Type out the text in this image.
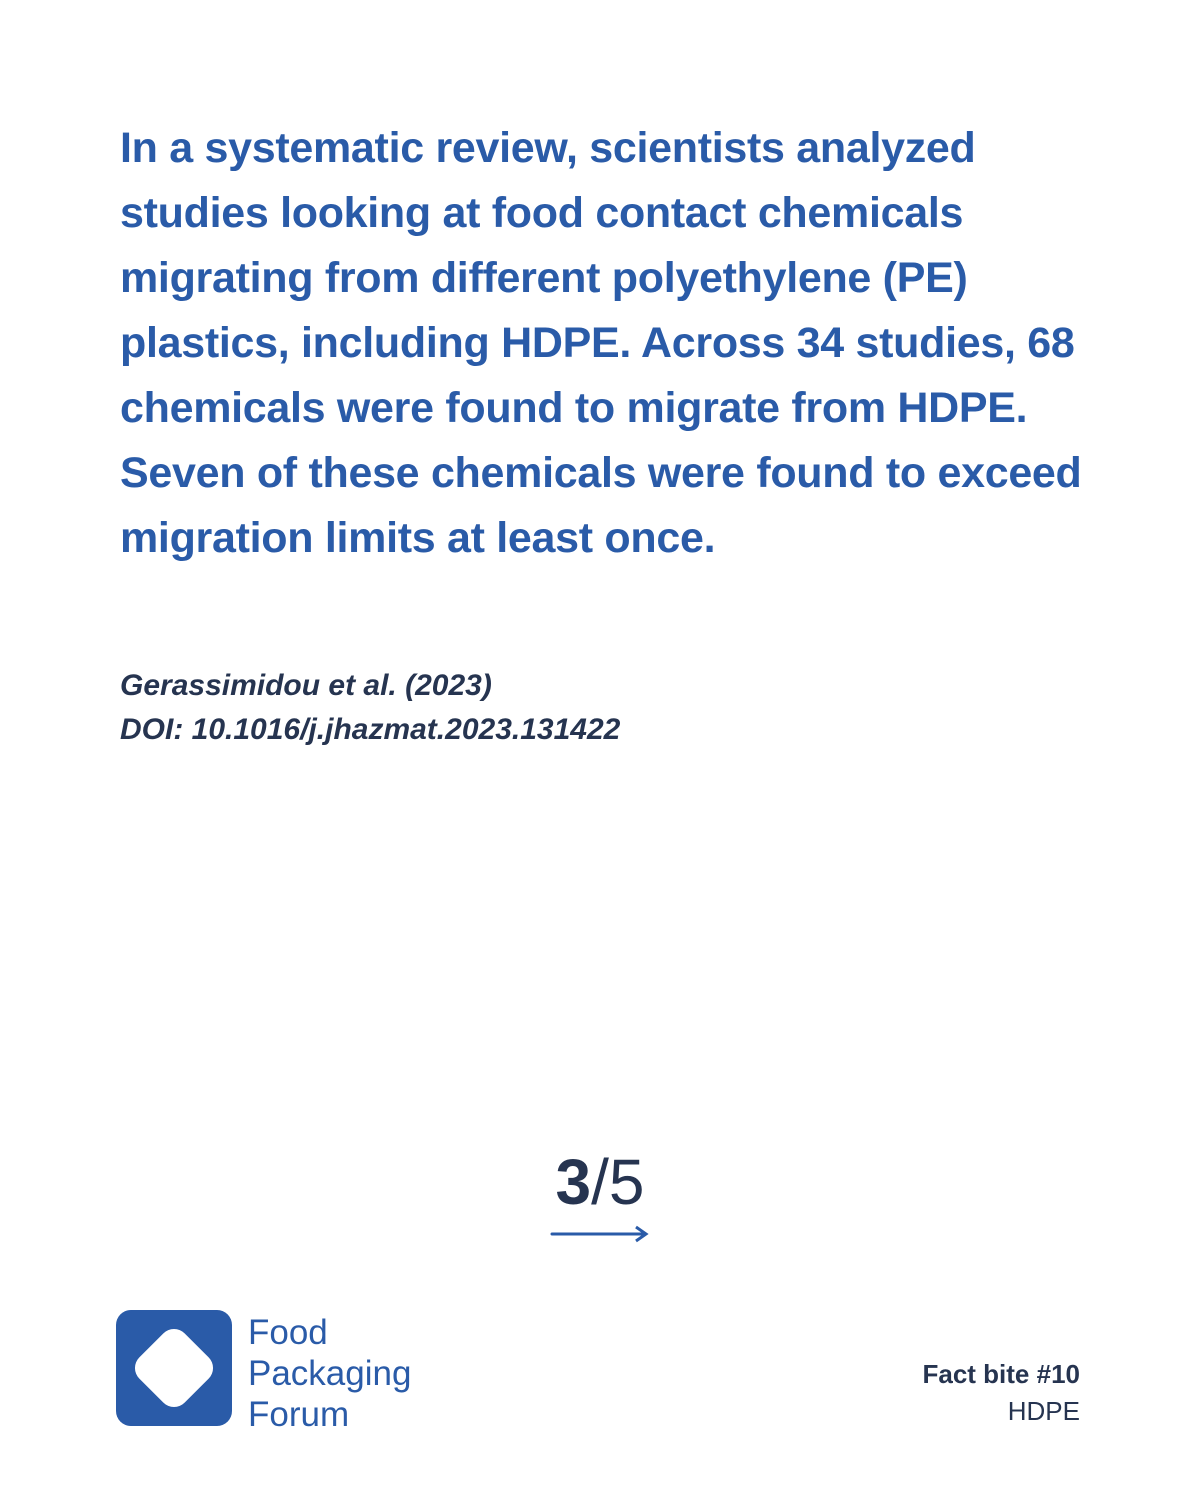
In a systematic review, scientists analyzed studies looking at food contact chemicals migrating from different polyethylene (PE) plastics, including HDPE. Across 34 studies, 68 chemicals were found to migrate from HDPE. Seven of these chemicals were found to exceed migration limits at least once.

Gerassimidou et al. (2023)
DOI: 10.1016/j.jhazmat.2023.131422
3/5
Food
Packaging
Forum
Fact bite #10
HDPE
